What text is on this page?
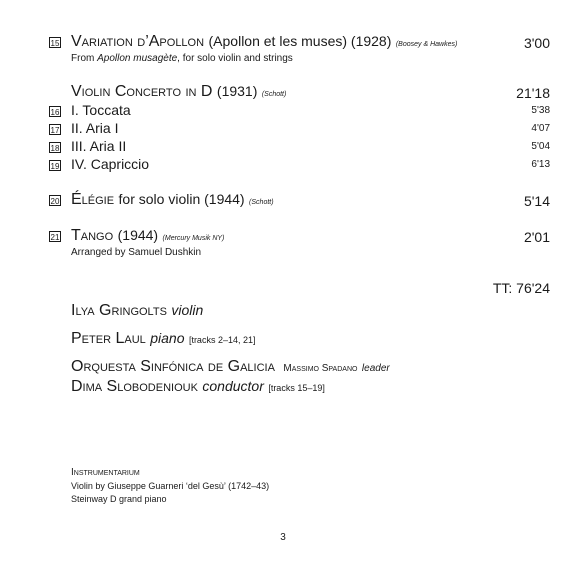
15 Variation d’Apollon (Apollon et les muses) (1928) (Boosey & Hawkes)	3'00
From Apollon musagète, for solo violin and strings
Violin Concerto in D (1931) (Schott)	21'18
16 I. Toccata	5'38
17 II. Aria I	4'07
18 III. Aria II	5'04
19 IV. Capriccio	6'13
20 Élégie for solo violin (1944) (Schott)	5'14
21 Tango (1944) (Mercury Musik NY)	2'01
Arranged by Samuel Dushkin
TT: 76'24
Ilya Gringolts violin
Peter Laul piano [tracks 2–14, 21]
Orquesta Sinfónica de Galicia Massimo Spadano leader
Dima Slobodeniouk conductor [tracks 15–19]
Instrumentarium
Violin by Giuseppe Guarneri ‘del Gesù’ (1742–43)
Steinway D grand piano
3
